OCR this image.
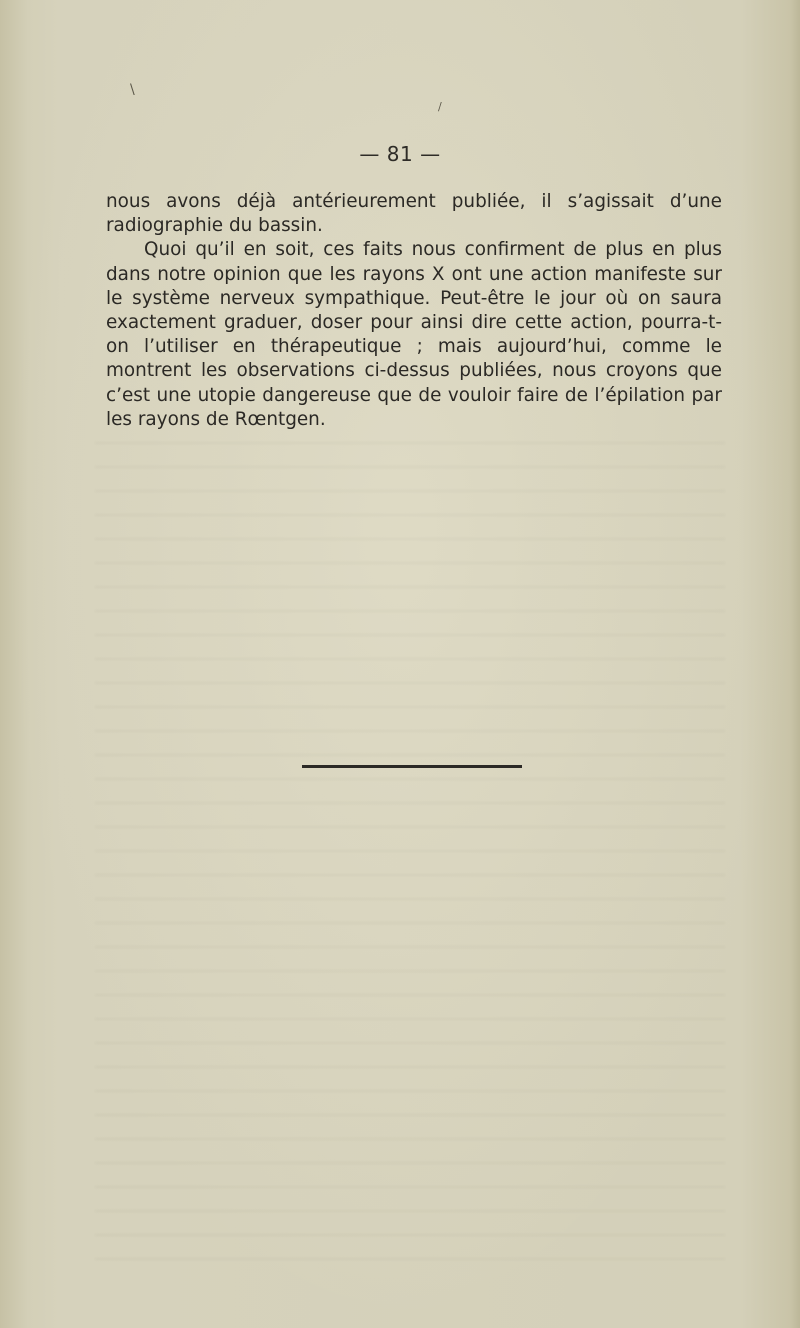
\
/
— 81 —

nous avons déjà antérieurement publiée, il s’agissait d’une radiographie du bassin.

Quoi qu’il en soit, ces faits nous confirment de plus en plus dans notre opinion que les rayons X ont une action manifeste sur le système nerveux sympathique. Peut-être le jour où on saura exactement graduer, doser pour ainsi dire cette action, pourra-t-on l’utiliser en thérapeutique ; mais aujourd’hui, comme le montrent les observations ci-dessus publiées, nous croyons que c’est une utopie dangereuse que de vouloir faire de l’épilation par les rayons de Rœntgen.
